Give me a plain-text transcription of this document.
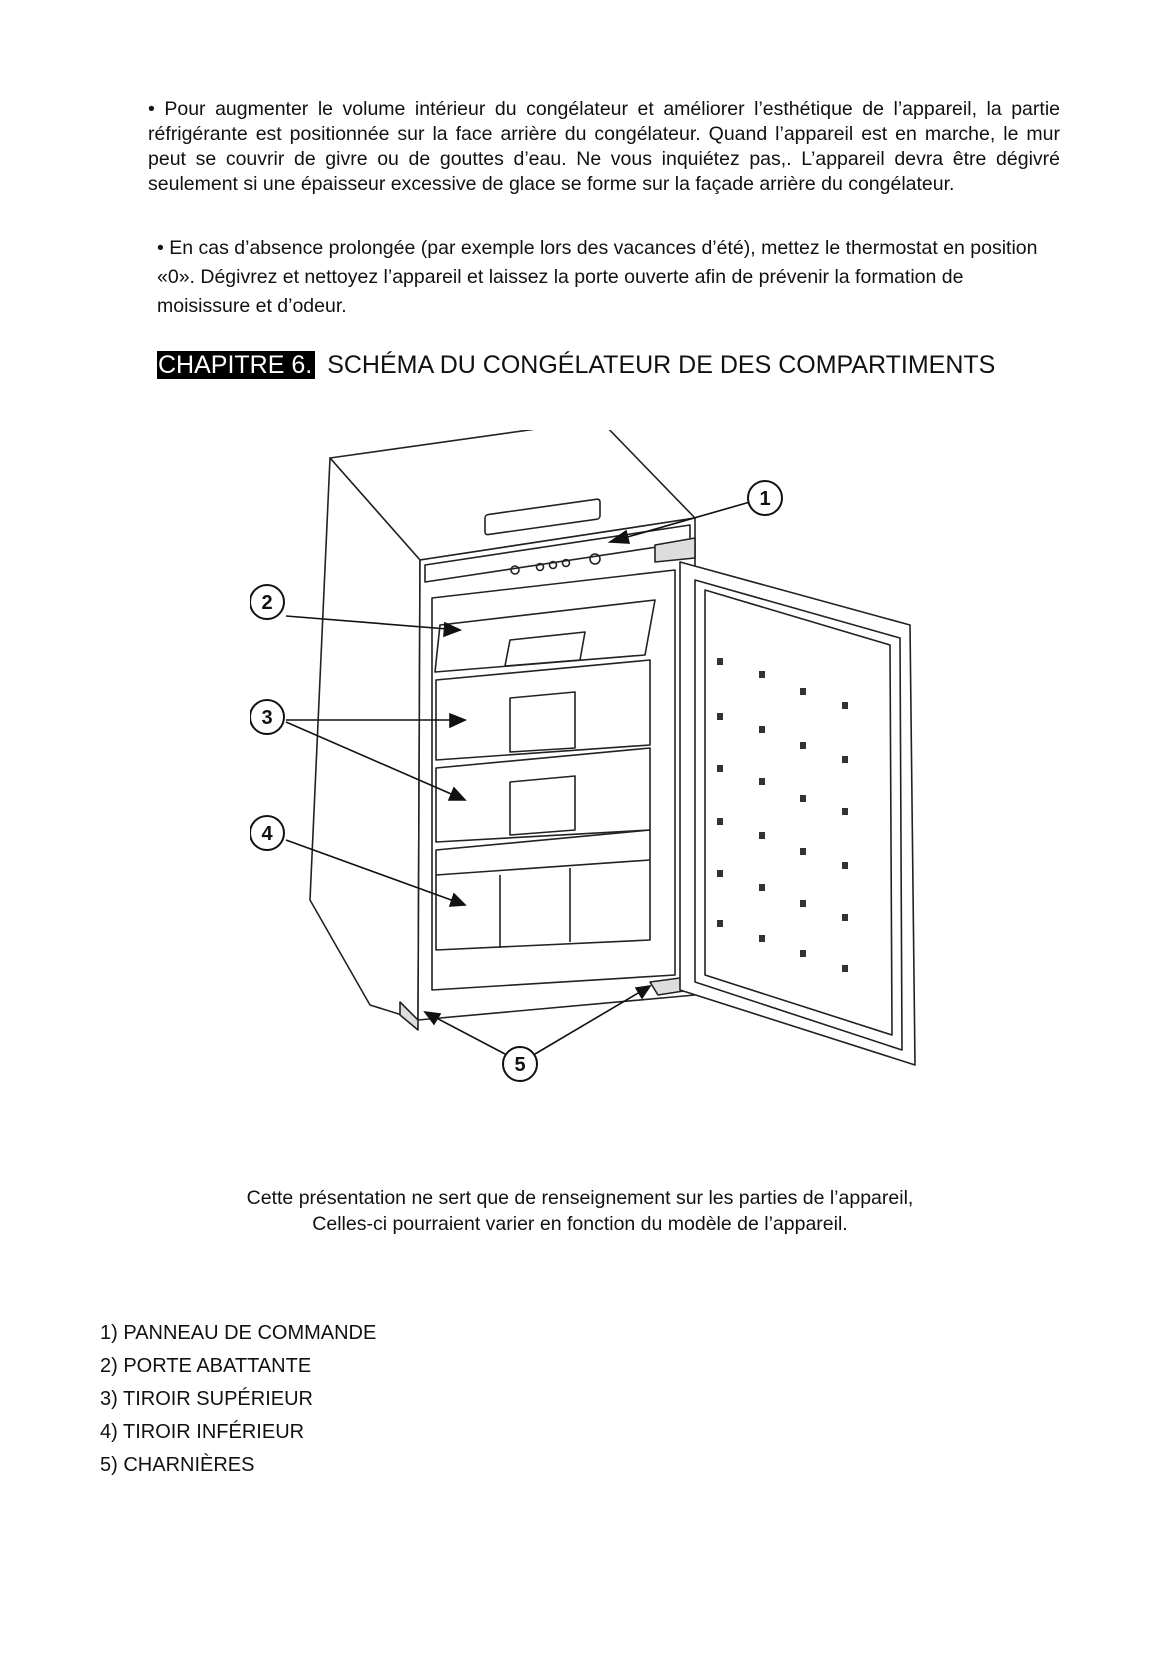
• Pour augmenter le volume intérieur du congélateur et améliorer l’esthétique de l’appareil, la partie réfrigérante est positionnée sur la face arrière du congélateur. Quand l’appareil est en marche, le mur peut se couvrir de givre ou de gouttes d’eau. Ne vous inquiétez pas,. L’appareil devra être dégivré seulement si une épaisseur excessive de glace se forme sur la façade arrière du congélateur.
• En cas d’absence prolongée (par exemple lors des vacances d’été), mettez le thermostat en position «0». Dégivrez et nettoyez l’appareil et laissez la porte ouverte afin de prévenir la formation de moisissure et d’odeur.
CHAPITRE 6. SCHÉMA DU CONGÉLATEUR DE DES COMPARTIMENTS
1
2
3
4
5
Cette présentation ne sert que de renseignement sur les parties de l’appareil,
Celles-ci pourraient varier en fonction du modèle de l’appareil.
1) PANNEAU DE COMMANDE
2) PORTE ABATTANTE
3) TIROIR SUPÉRIEUR
4) TIROIR INFÉRIEUR
5) CHARNIÈRES
